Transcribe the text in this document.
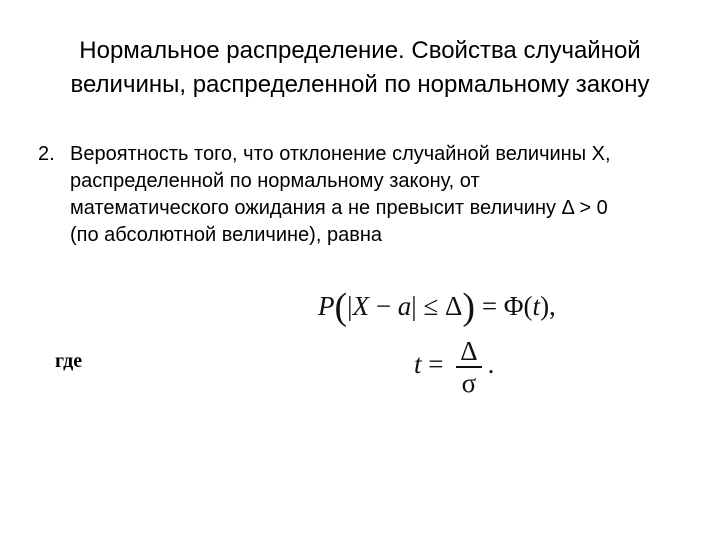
Нормальное распределение. Свойства случайной
величины, распределенной по нормальному закону
2. Вероятность того, что отклонение случайной величины X,
распределенной по нормальному закону, от
математического ожидания a не превысит величину Δ > 0
(по абсолютной величине), равна
P(|X − a| ≤ Δ) = Φ(t),
где	$t = \frac{\Delta}{\sigma}$ .
